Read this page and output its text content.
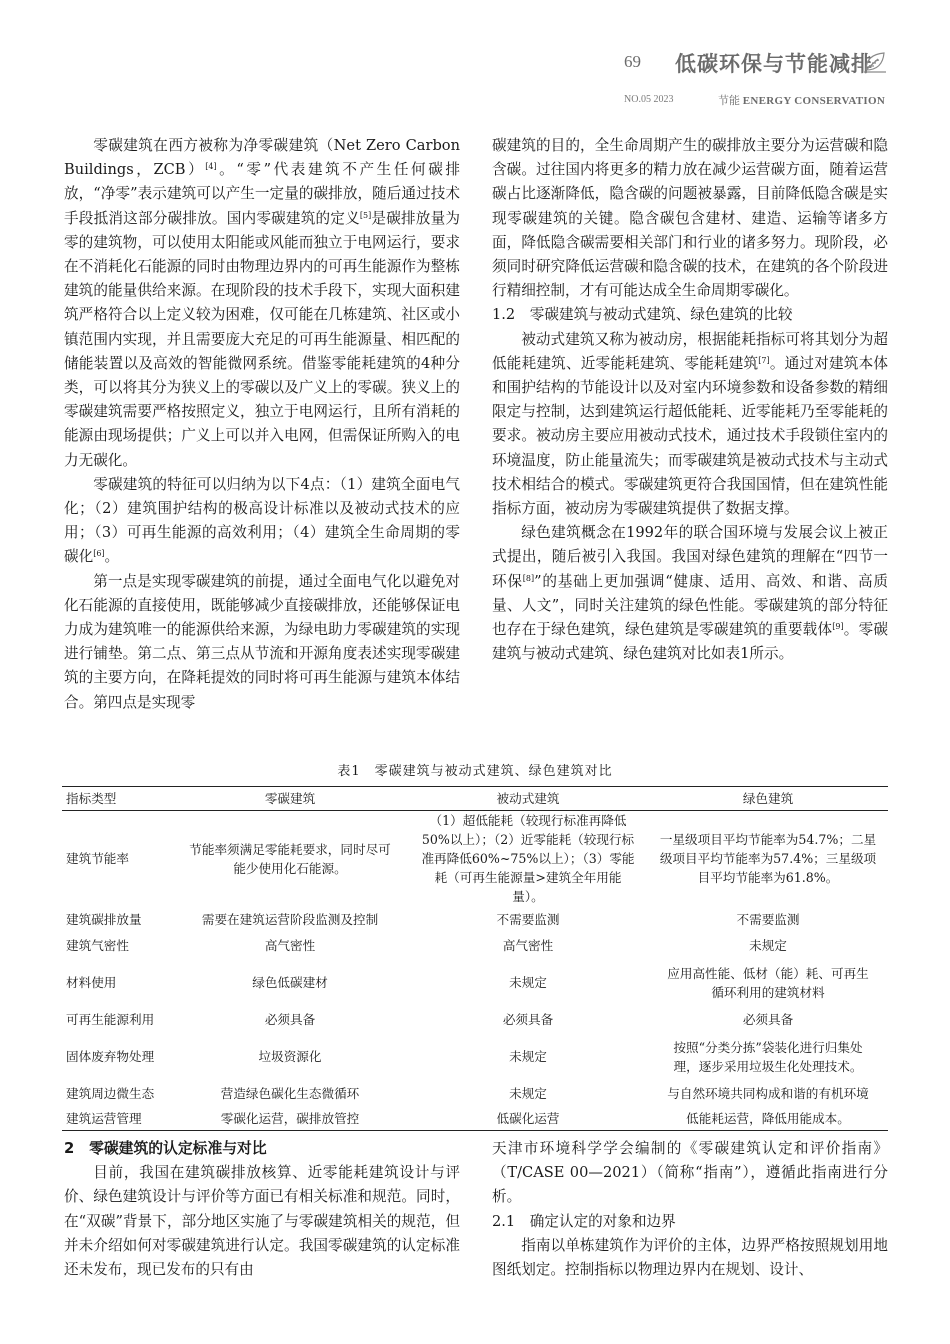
69 低碳环保与节能减排
NO.05 2023	节能 ENERGY CONSERVATION

零碳建筑在西方被称为净零碳建筑（Net Zero Carbon Buildings，ZCB）[4]。“零”代表建筑不产生任何碳排放，“净零”表示建筑可以产生一定量的碳排放，随后通过技术手段抵消这部分碳排放。国内零碳建筑的定义[5]是碳排放量为零的建筑物，可以使用太阳能或风能而独立于电网运行，要求在不消耗化石能源的同时由物理边界内的可再生能源作为整栋建筑的能量供给来源。在现阶段的技术手段下，实现大面积建筑严格符合以上定义较为困难，仅可能在几栋建筑、社区或小镇范围内实现，并且需要庞大充足的可再生能源量、相匹配的储能装置以及高效的智能微网系统。借鉴零能耗建筑的4种分类，可以将其分为狭义上的零碳以及广义上的零碳。狭义上的零碳建筑需要严格按照定义，独立于电网运行，且所有消耗的能源由现场提供；广义上可以并入电网，但需保证所购入的电力无碳化。

零碳建筑的特征可以归纳为以下4点：（1）建筑全面电气化；（2）建筑围护结构的极高设计标准以及被动式技术的应用；（3）可再生能源的高效利用；（4）建筑全生命周期的零碳化[6]。

第一点是实现零碳建筑的前提，通过全面电气化以避免对化石能源的直接使用，既能够减少直接碳排放，还能够保证电力成为建筑唯一的能源供给来源，为绿电助力零碳建筑的实现进行铺垫。第二点、第三点从节流和开源角度表述实现零碳建筑的主要方向，在降耗提效的同时将可再生能源与建筑本体结合。第四点是实现零

碳建筑的目的，全生命周期产生的碳排放主要分为运营碳和隐含碳。过往国内将更多的精力放在减少运营碳方面，随着运营碳占比逐渐降低，隐含碳的问题被暴露，目前降低隐含碳是实现零碳建筑的关键。隐含碳包含建材、建造、运输等诸多方面，降低隐含碳需要相关部门和行业的诸多努力。现阶段，必须同时研究降低运营碳和隐含碳的技术，在建筑的各个阶段进行精细控制，才有可能达成全生命周期零碳化。

1.2　零碳建筑与被动式建筑、绿色建筑的比较

被动式建筑又称为被动房，根据能耗指标可将其划分为超低能耗建筑、近零能耗建筑、零能耗建筑[7]。通过对建筑本体和围护结构的节能设计以及对室内环境参数和设备参数的精细限定与控制，达到建筑运行超低能耗、近零能耗乃至零能耗的要求。被动房主要应用被动式技术，通过技术手段锁住室内的环境温度，防止能量流失；而零碳建筑是被动式技术与主动式技术相结合的模式。零碳建筑更符合我国国情，但在建筑性能指标方面，被动房为零碳建筑提供了数据支撑。

绿色建筑概念在1992年的联合国环境与发展会议上被正式提出，随后被引入我国。我国对绿色建筑的理解在“四节一环保[8]”的基础上更加强调“健康、适用、高效、和谐、高质量、人文”，同时关注建筑的绿色性能。零碳建筑的部分特征也存在于绿色建筑，绿色建筑是零碳建筑的重要载体[9]。零碳建筑与被动式建筑、绿色建筑对比如表1所示。

表1　零碳建筑与被动式建筑、绿色建筑对比
指标类型	零碳建筑	被动式建筑	绿色建筑
建筑节能率	节能率须满足零能耗要求，同时尽可能少使用化石能源。	（1）超低能耗（较现行标准再降低50%以上）；（2）近零能耗（较现行标准再降低60%~75%以上）；（3）零能耗（可再生能源量>建筑全年用能量）。	一星级项目平均节能率为54.7%；二星级项目平均节能率为57.4%；三星级项目平均节能率为61.8%。
建筑碳排放量	需要在建筑运营阶段监测及控制	不需要监测	不需要监测
建筑气密性	高气密性	高气密性	未规定
材料使用	绿色低碳建材	未规定	应用高性能、低材（能）耗、可再生循环利用的建筑材料
可再生能源利用	必须具备	必须具备	必须具备
固体废弃物处理	垃圾资源化	未规定	按照“分类分拣”袋装化进行归集处理，逐步采用垃圾生化处理技术。
建筑周边微生态	营造绿色碳化生态微循环	未规定	与自然环境共同构成和谐的有机环境
建筑运营管理	零碳化运营，碳排放管控	低碳化运营	低能耗运营，降低用能成本。
2　零碳建筑的认定标准与对比

目前，我国在建筑碳排放核算、近零能耗建筑设计与评价、绿色建筑设计与评价等方面已有相关标准和规范。同时，在“双碳”背景下，部分地区实施了与零碳建筑相关的规范，但并未介绍如何对零碳建筑进行认定。我国零碳建筑的认定标准还未发布，现已发布的只有由

天津市环境科学学会编制的《零碳建筑认定和评价指南》（T/CASE 00—2021）（简称“指南”），遵循此指南进行分析。

2.1　确定认定的对象和边界

指南以单栋建筑作为评价的主体，边界严格按照规划用地图纸划定。控制指标以物理边界内在规划、设计、
